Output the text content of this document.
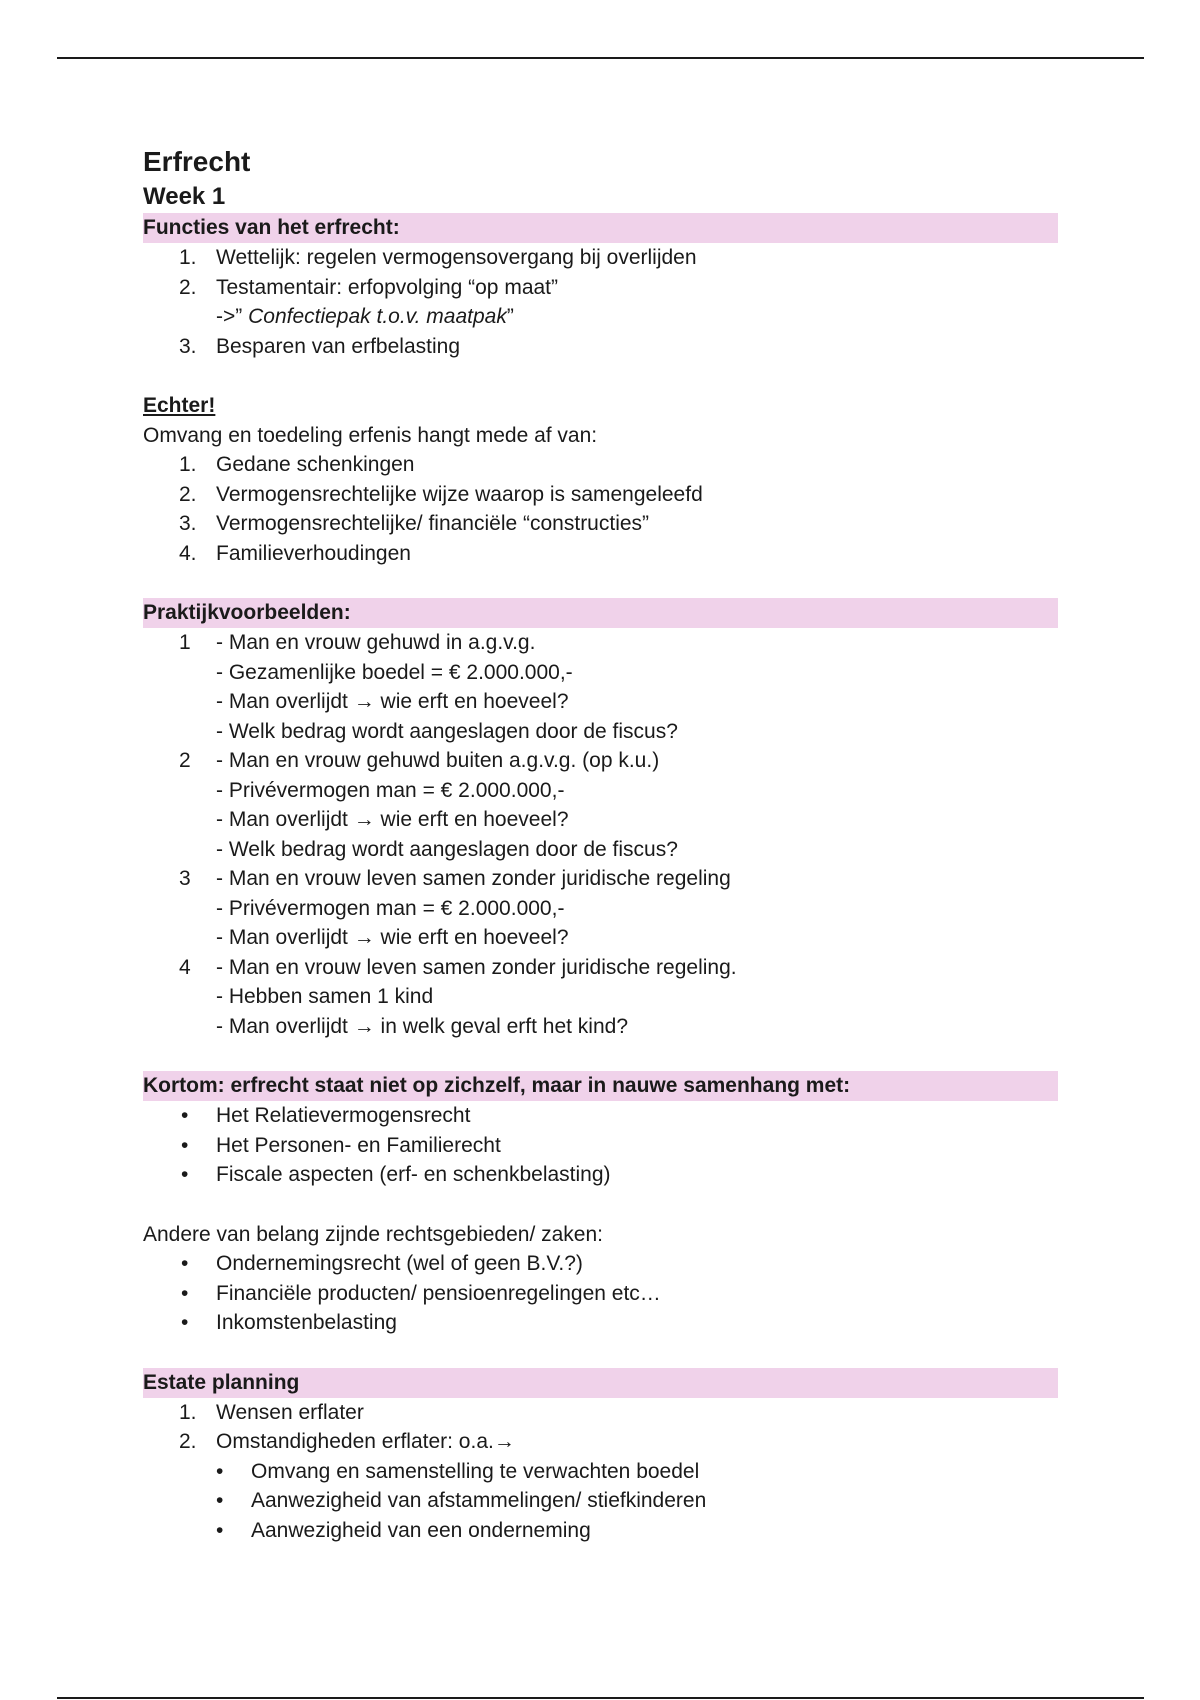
Erfrecht
Week 1
Functies van het erfrecht:
1. Wettelijk: regelen vermogensovergang bij overlijden
2. Testamentair: erfopvolging “op maat”
->” Confectiepak t.o.v. maatpak”
3. Besparen van erfbelasting
Echter!
Omvang en toedeling erfenis hangt mede af van:
1. Gedane schenkingen
2. Vermogensrechtelijke wijze waarop is samengeleefd
3. Vermogensrechtelijke/ financiële “constructies”
4. Familieverhoudingen
Praktijkvoorbeelden:
1	- Man en vrouw gehuwd in a.g.v.g.
- Gezamenlijke boedel = € 2.000.000,-
- Man overlijdt → wie erft en hoeveel?
- Welk bedrag wordt aangeslagen door de fiscus?
2	- Man en vrouw gehuwd buiten a.g.v.g. (op k.u.)
- Privévermogen man = € 2.000.000,-
- Man overlijdt → wie erft en hoeveel?
- Welk bedrag wordt aangeslagen door de fiscus?
3	- Man en vrouw leven samen zonder juridische regeling
- Privévermogen man = € 2.000.000,-
- Man overlijdt → wie erft en hoeveel?
4	- Man en vrouw leven samen zonder juridische regeling.
- Hebben samen 1 kind
- Man overlijdt → in welk geval erft het kind?
Kortom: erfrecht staat niet op zichzelf, maar in nauwe samenhang met:
• Het Relatievermogensrecht
• Het Personen- en Familierecht
• Fiscale aspecten (erf- en schenkbelasting)
Andere van belang zijnde rechtsgebieden/ zaken:
• Ondernemingsrecht (wel of geen B.V.?)
• Financiële producten/ pensioenregelingen etc…
• Inkomstenbelasting
Estate planning
1. Wensen erflater
2. Omstandigheden erflater: o.a.→
• Omvang en samenstelling te verwachten boedel
• Aanwezigheid van afstammelingen/ stiefkinderen
• Aanwezigheid van een onderneming
